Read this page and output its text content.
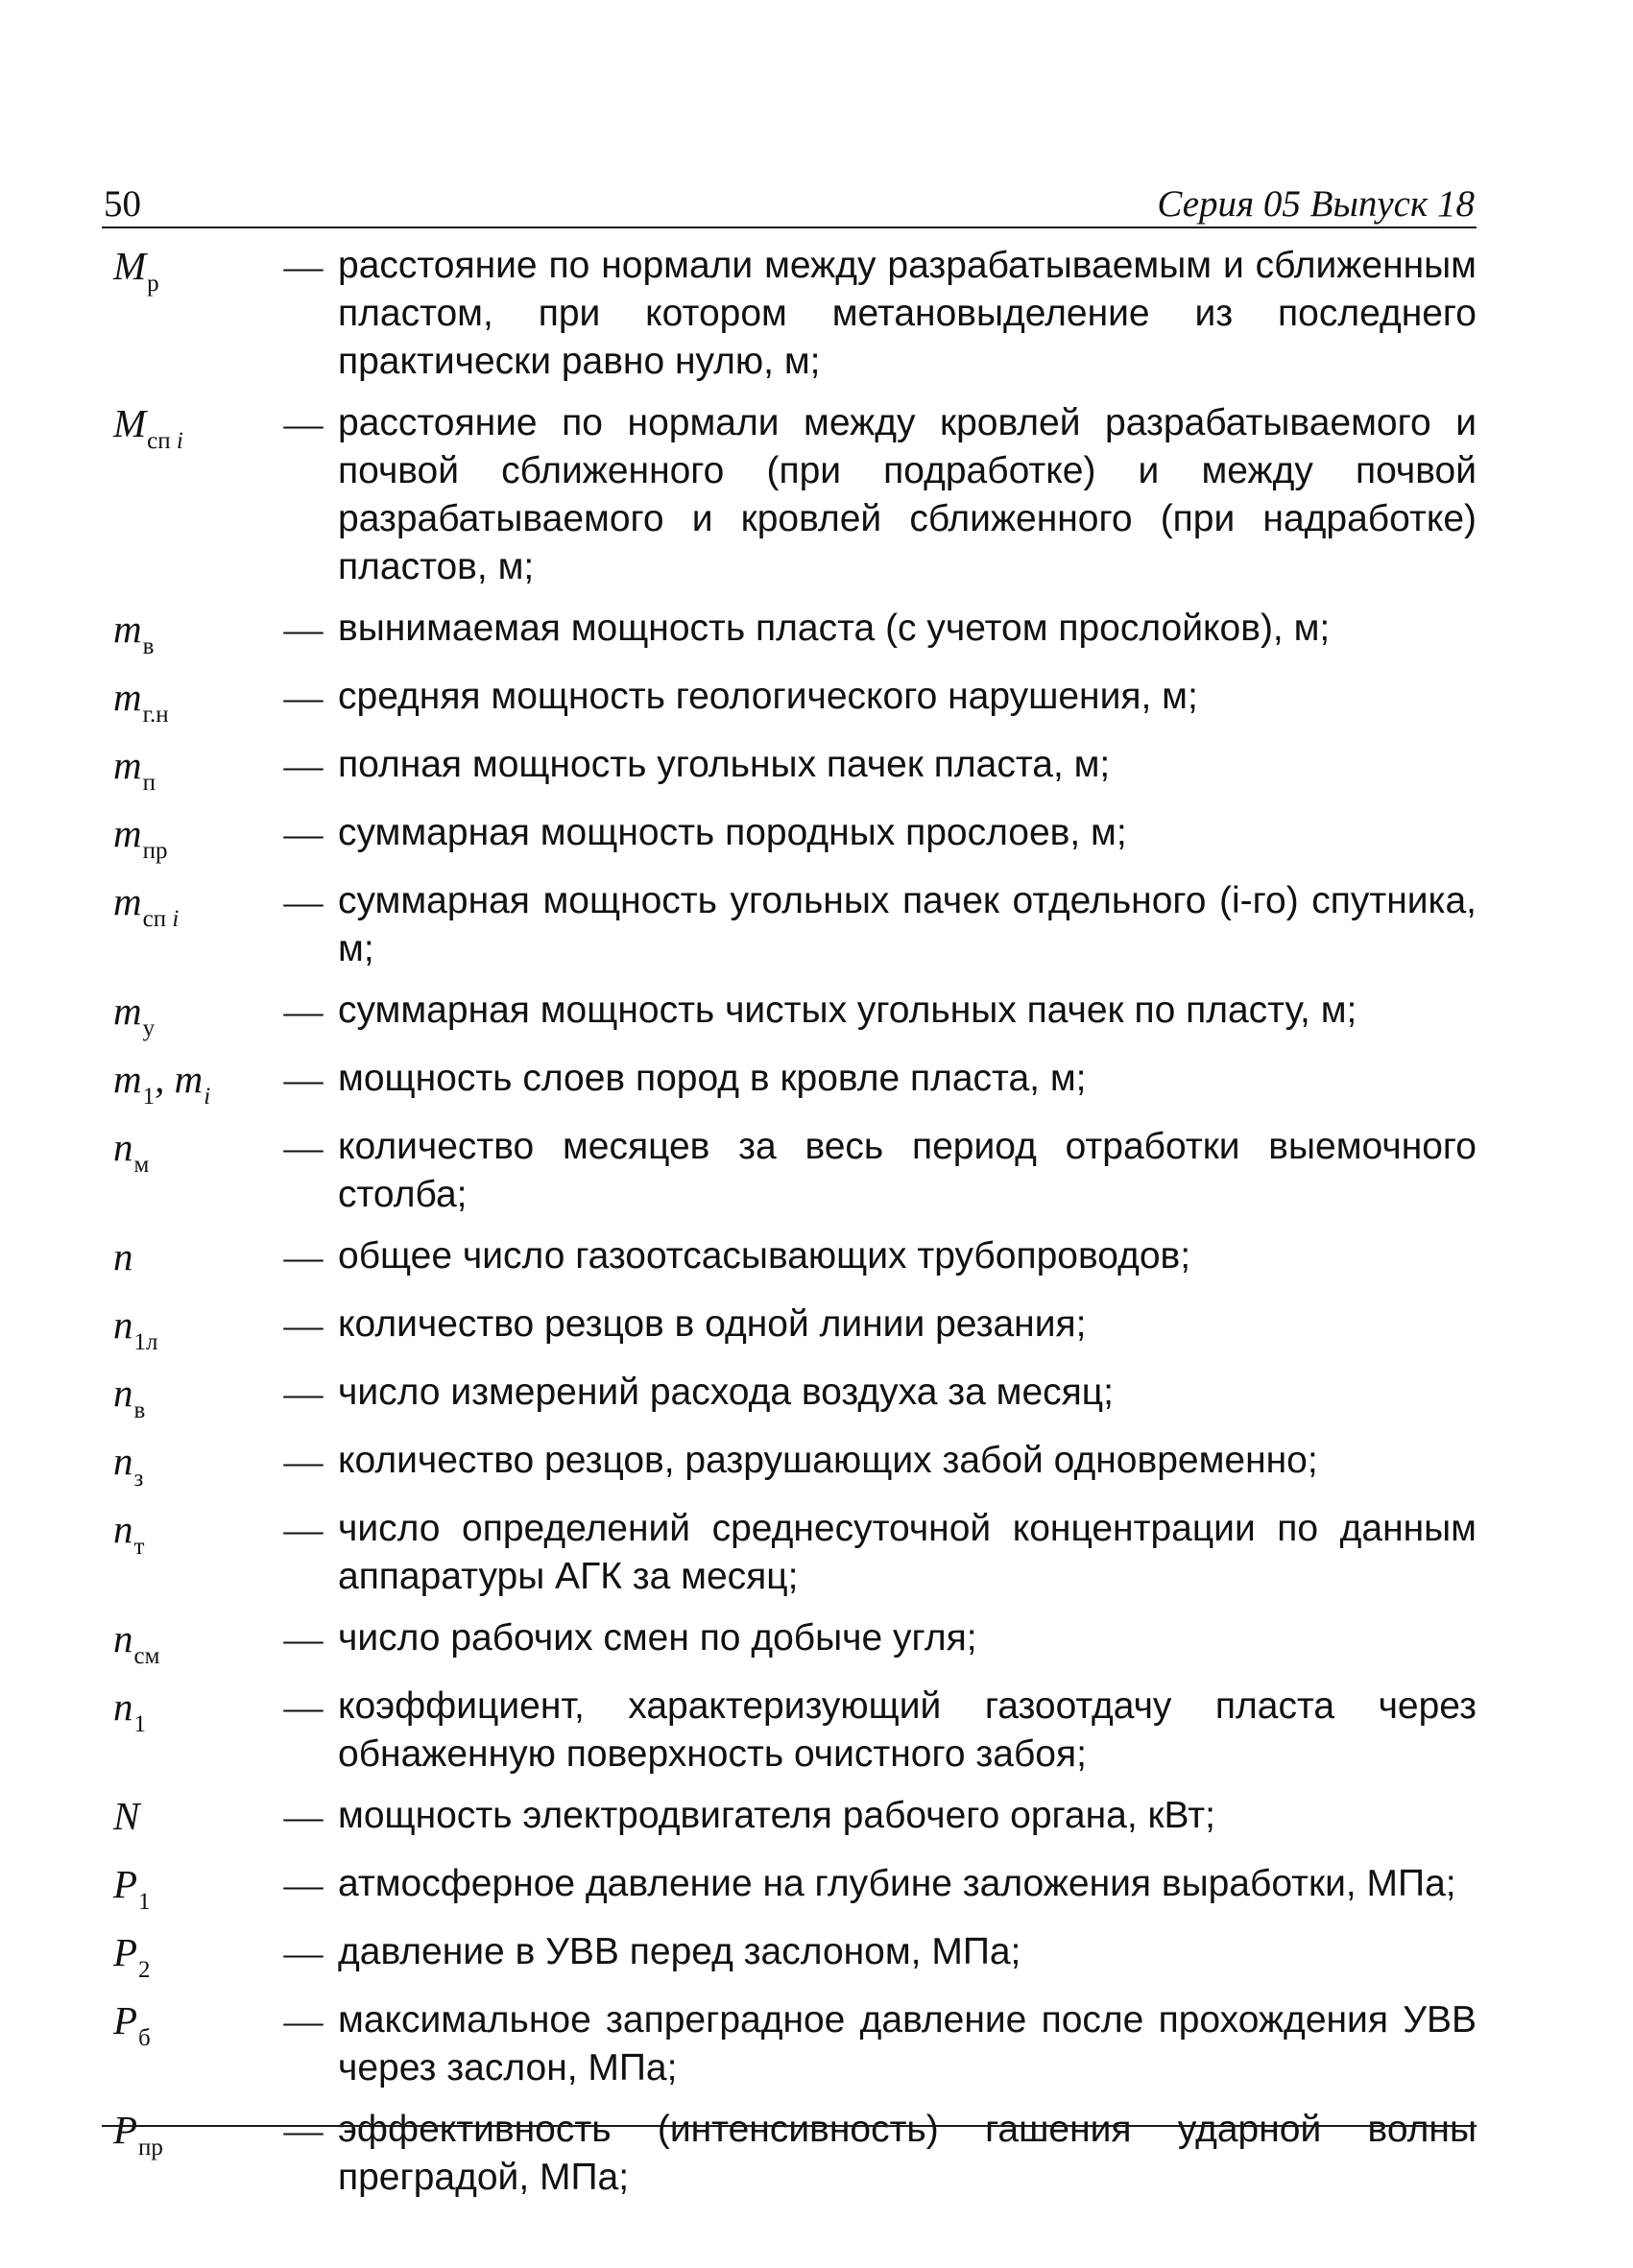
50	Серия 05 Выпуск 18
$M_р$	— расстояние по нормали между разрабатываемым и сближенным пластом, при котором метановыделение из последнего практически равно нулю, м;
$M_{сп i}$	— расстояние по нормали между кровлей разрабатываемого и почвой сближенного (при подработке) и между почвой разрабатываемого и кровлей сближенного (при надработке) пластов, м;
$m_в$	— вынимаемая мощность пласта (с учетом прослойков), м;
$m_{г.н}$	— средняя мощность геологического нарушения, м;
$m_п$	— полная мощность угольных пачек пласта, м;
$m_{пр}$	— суммарная мощность породных прослоев, м;
$m_{сп i}$	— суммарная мощность угольных пачек отдельного (i-го) спутника, м;
$m_у$	— суммарная мощность чистых угольных пачек по пласту, м;
$m_1$, $m_i$	— мощность слоев пород в кровле пласта, м;
$n_м$	— количество месяцев за весь период отработки выемочного столба;
n	— общее число газоотсасывающих трубопроводов;
$n_{1л}$	— количество резцов в одной линии резания;
$n_в$	— число измерений расхода воздуха за месяц;
$n_з$	— количество резцов, разрушающих забой одновременно;
$n_т$	— число определений среднесуточной концентрации по данным аппаратуры АГК за месяц;
$n_{см}$	— число рабочих смен по добыче угля;
$n_1$	— коэффициент, характеризующий газоотдачу пласта через обнаженную поверхность очистного забоя;
N	— мощность электродвигателя рабочего органа, кВт;
$P_1$	— атмосферное давление на глубине заложения выработки, МПа;
$P_2$	— давление в УВВ перед заслоном, МПа;
$P_б$	— максимальное запреградное давление после прохождения УВВ через заслон, МПа;
$P_{пр}$	— эффективность (интенсивность) гашения ударной волны преградой, МПа;
